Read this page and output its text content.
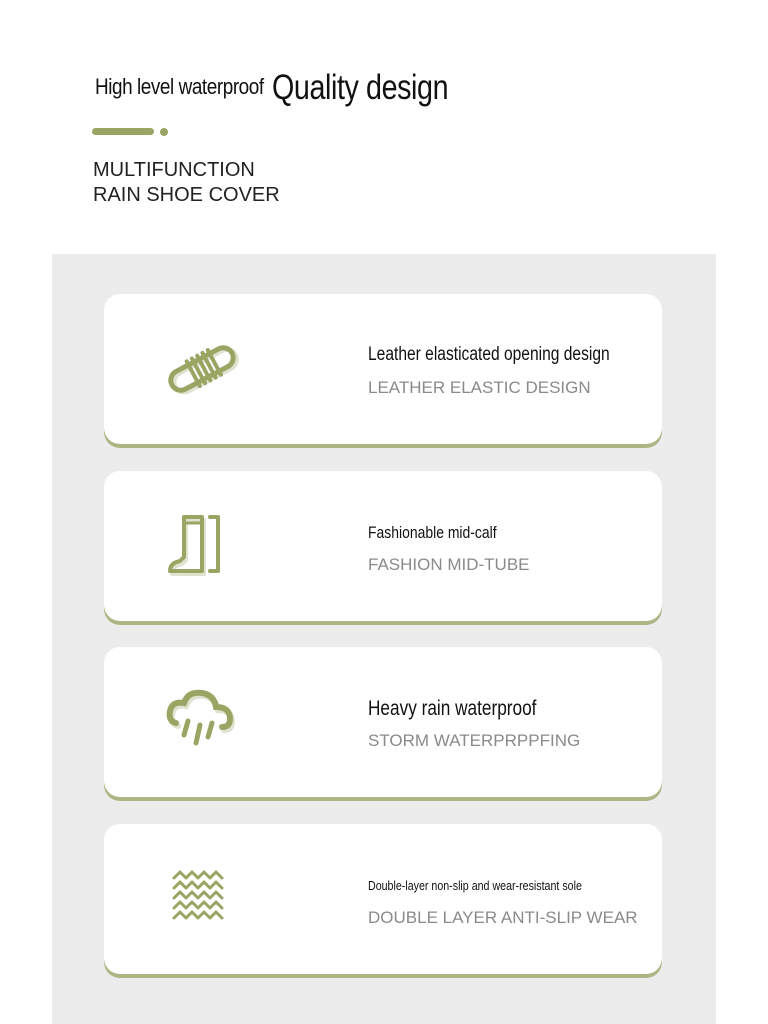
High level waterproof Quality design
MULTIFUNCTION
RAIN SHOE COVER
Leather elasticated opening design
LEATHER ELASTIC DESIGN
Fashionable mid-calf
FASHION MID-TUBE
Heavy rain waterproof
STORM WATERPRPPFING
Double-layer non-slip and wear-resistant sole
DOUBLE LAYER ANTI-SLIP WEAR
